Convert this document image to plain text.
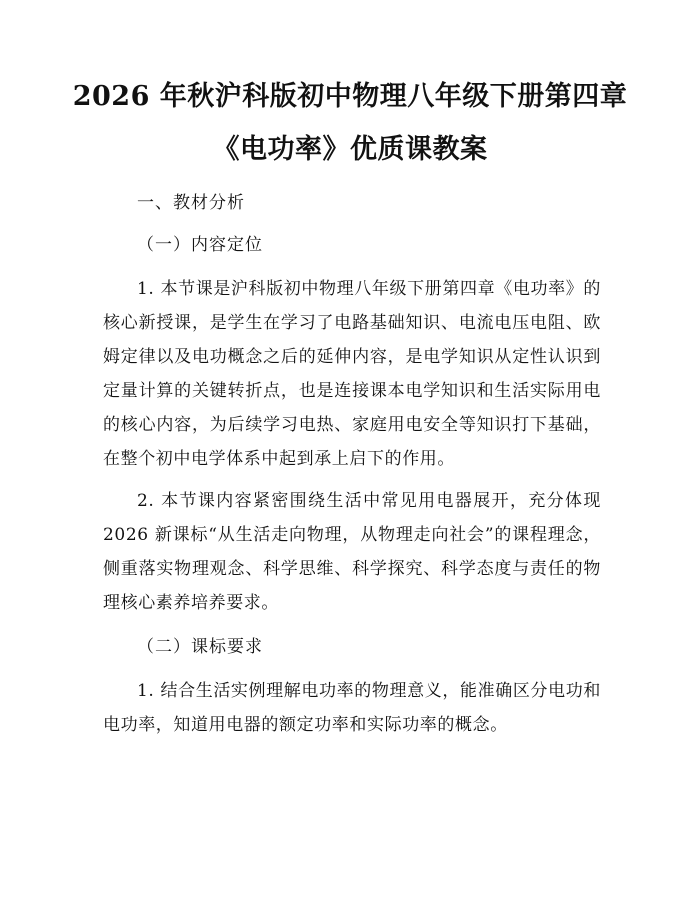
2026 年秋沪科版初中物理八年级下册第四章

《电功率》优质课教案

一、教材分析

（一）内容定位

1. 本节课是沪科版初中物理八年级下册第四章《电功率》的核心新授课，是学生在学习了电路基础知识、电流电压电阻、欧姆定律以及电功概念之后的延伸内容，是电学知识从定性认识到定量计算的关键转折点，也是连接课本电学知识和生活实际用电的核心内容，为后续学习电热、家庭用电安全等知识打下基础，在整个初中电学体系中起到承上启下的作用。

2. 本节课内容紧密围绕生活中常见用电器展开，充分体现 2026 新课标“从生活走向物理，从物理走向社会”的课程理念，侧重落实物理观念、科学思维、科学探究、科学态度与责任的物理核心素养培养要求。

（二）课标要求

1. 结合生活实例理解电功率的物理意义，能准确区分电功和电功率，知道用电器的额定功率和实际功率的概念。
